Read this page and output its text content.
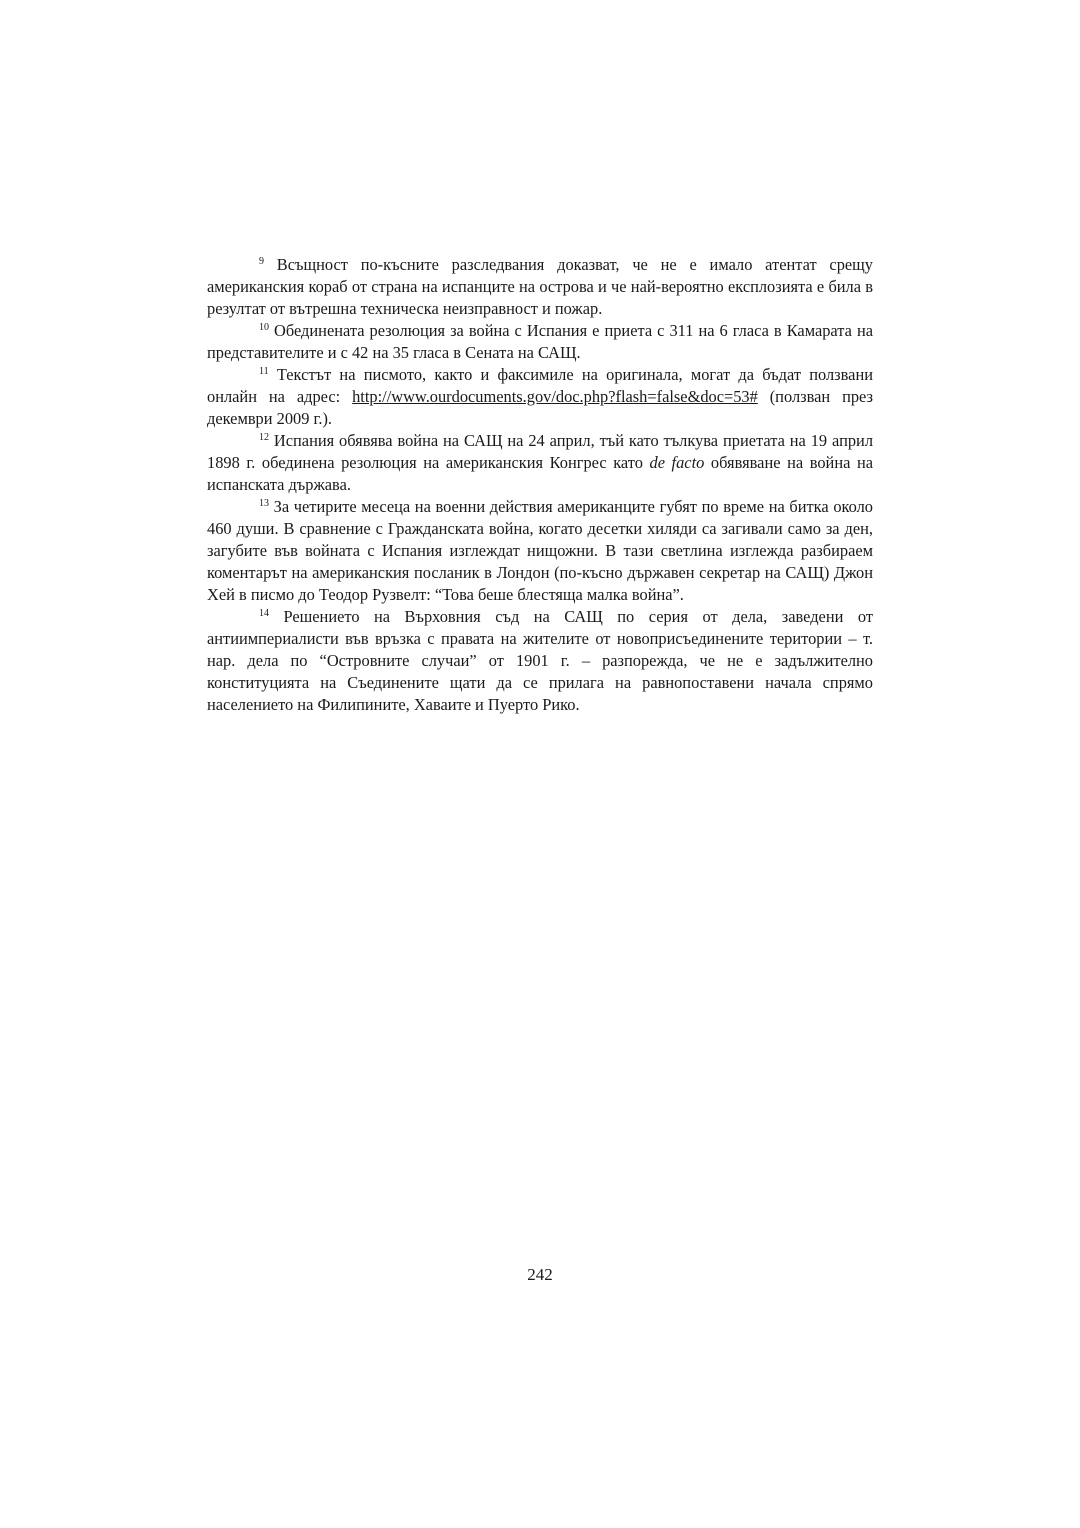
$^9$ Всъщност по-късните разследвания доказват, че не е имало атентат срещу американския кораб от страна на испанците на острова и че най-вероятно експлозията е била в резултат от вътрешна техническа неизправност и пожар.

$^{10}$ Обединената резолюция за война с Испания е приета с 311 на 6 гласа в Камарата на представителите и с 42 на 35 гласа в Сената на САЩ.

$^{11}$ Текстът на писмото, както и факсимиле на оригинала, могат да бъдат ползвани онлайн на адрес: http://www.ourdocuments.gov/doc.php?flash=false&doc=53# (ползван през декември 2009 г.).

$^{12}$ Испания обявява война на САЩ на 24 април, тъй като тълкува приетата на 19 април 1898 г. обединена резолюция на американския Конгрес като de facto обявяване на война на испанската държава.

$^{13}$ За четирите месеца на военни действия американците губят по време на битка около 460 души. В сравнение с Гражданската война, когато десетки хиляди са загивали само за ден, загубите във войната с Испания изглеждат нищожни. В тази светлина изглежда разбираем коментарът на американския посланик в Лондон (по-късно държавен секретар на САЩ) Джон Хей в писмо до Теодор Рузвелт: “Това беше блестяща малка война”.

$^{14}$ Решението на Върховния съд на САЩ по серия от дела, заведени от антиимпериалисти във връзка с правата на жителите от новоприсъединените територии – т. нар. дела по “Островните случаи” от 1901 г. – разпорежда, че не е задължително конституцията на Съединените щати да се прилага на равнопоставени начала спрямо населението на Филипините, Хаваите и Пуерто Рико.

242
